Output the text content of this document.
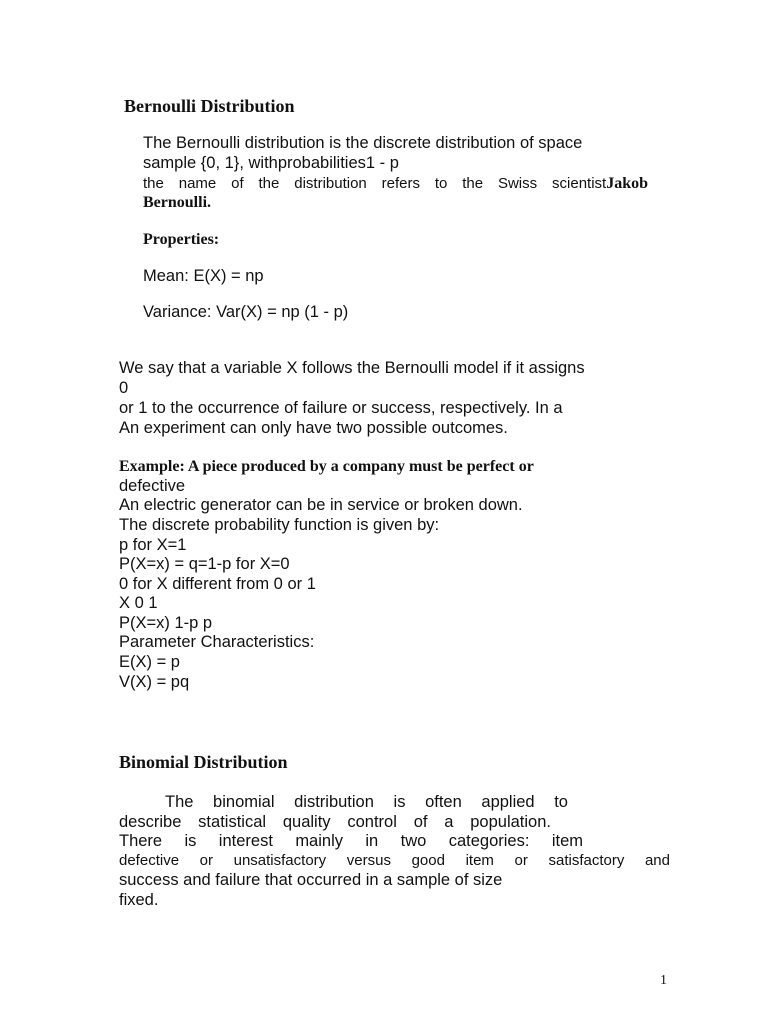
Bernoulli Distribution
The Bernoulli distribution is the discrete distribution of space
sample {0, 1}, withprobabilities1 - p
the name of the distribution refers to the Swiss scientistJakob
Bernoulli.
Properties:
Mean: E(X) = np
Variance: Var(X) = np (1 - p)
We say that a variable X follows the Bernoulli model if it assigns
0
or 1 to the occurrence of failure or success, respectively. In a
An experiment can only have two possible outcomes.
Example: A piece produced by a company must be perfect or
defective
An electric generator can be in service or broken down.
The discrete probability function is given by:
p for X=1
P(X=x) = q=1-p for X=0
0 for X different from 0 or 1
X 0 1
P(X=x) 1-p p
Parameter Characteristics:
E(X) = p
V(X) = pq
Binomial Distribution
The binomial distribution is often applied to
describe statistical quality control of a population.
There is interest mainly in two categories: item
defective or unsatisfactory versus good item or satisfactory and
success and failure that occurred in a sample of size
fixed.
1
